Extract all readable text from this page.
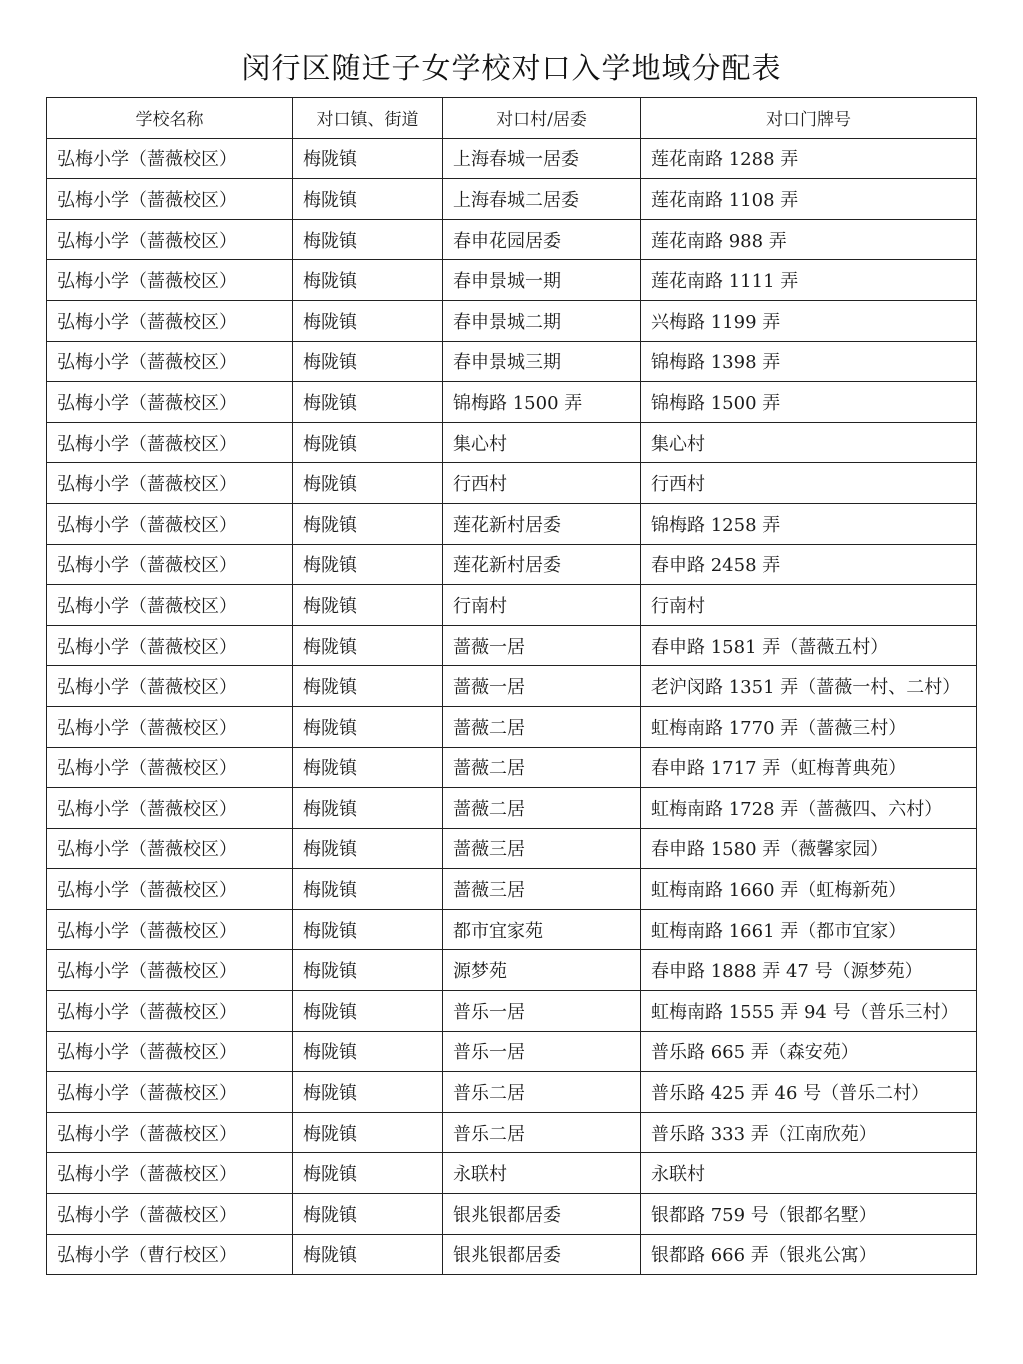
闵行区随迁子女学校对口入学地域分配表
学校名称	对口镇、街道	对口村/居委	对口门牌号
弘梅小学（蔷薇校区）	梅陇镇	上海春城一居委	莲花南路 1288 弄
弘梅小学（蔷薇校区）	梅陇镇	上海春城二居委	莲花南路 1108 弄
弘梅小学（蔷薇校区）	梅陇镇	春申花园居委	莲花南路 988 弄
弘梅小学（蔷薇校区）	梅陇镇	春申景城一期	莲花南路 1111 弄
弘梅小学（蔷薇校区）	梅陇镇	春申景城二期	兴梅路 1199 弄
弘梅小学（蔷薇校区）	梅陇镇	春申景城三期	锦梅路 1398 弄
弘梅小学（蔷薇校区）	梅陇镇	锦梅路 1500 弄	锦梅路 1500 弄
弘梅小学（蔷薇校区）	梅陇镇	集心村	集心村
弘梅小学（蔷薇校区）	梅陇镇	行西村	行西村
弘梅小学（蔷薇校区）	梅陇镇	莲花新村居委	锦梅路 1258 弄
弘梅小学（蔷薇校区）	梅陇镇	莲花新村居委	春申路 2458 弄
弘梅小学（蔷薇校区）	梅陇镇	行南村	行南村
弘梅小学（蔷薇校区）	梅陇镇	蔷薇一居	春申路 1581 弄（蔷薇五村）
弘梅小学（蔷薇校区）	梅陇镇	蔷薇一居	老沪闵路 1351 弄（蔷薇一村、二村）
弘梅小学（蔷薇校区）	梅陇镇	蔷薇二居	虹梅南路 1770 弄（蔷薇三村）
弘梅小学（蔷薇校区）	梅陇镇	蔷薇二居	春申路 1717 弄（虹梅菁典苑）
弘梅小学（蔷薇校区）	梅陇镇	蔷薇二居	虹梅南路 1728 弄（蔷薇四、六村）
弘梅小学（蔷薇校区）	梅陇镇	蔷薇三居	春申路 1580 弄（薇馨家园）
弘梅小学（蔷薇校区）	梅陇镇	蔷薇三居	虹梅南路 1660 弄（虹梅新苑）
弘梅小学（蔷薇校区）	梅陇镇	都市宜家苑	虹梅南路 1661 弄（都市宜家）
弘梅小学（蔷薇校区）	梅陇镇	源梦苑	春申路 1888 弄 47 号（源梦苑）
弘梅小学（蔷薇校区）	梅陇镇	普乐一居	虹梅南路 1555 弄 94 号（普乐三村）
弘梅小学（蔷薇校区）	梅陇镇	普乐一居	普乐路 665 弄（森安苑）
弘梅小学（蔷薇校区）	梅陇镇	普乐二居	普乐路 425 弄 46 号（普乐二村）
弘梅小学（蔷薇校区）	梅陇镇	普乐二居	普乐路 333 弄（江南欣苑）
弘梅小学（蔷薇校区）	梅陇镇	永联村	永联村
弘梅小学（蔷薇校区）	梅陇镇	银兆银都居委	银都路 759 号（银都名墅）
弘梅小学（曹行校区）	梅陇镇	银兆银都居委	银都路 666 弄（银兆公寓）
